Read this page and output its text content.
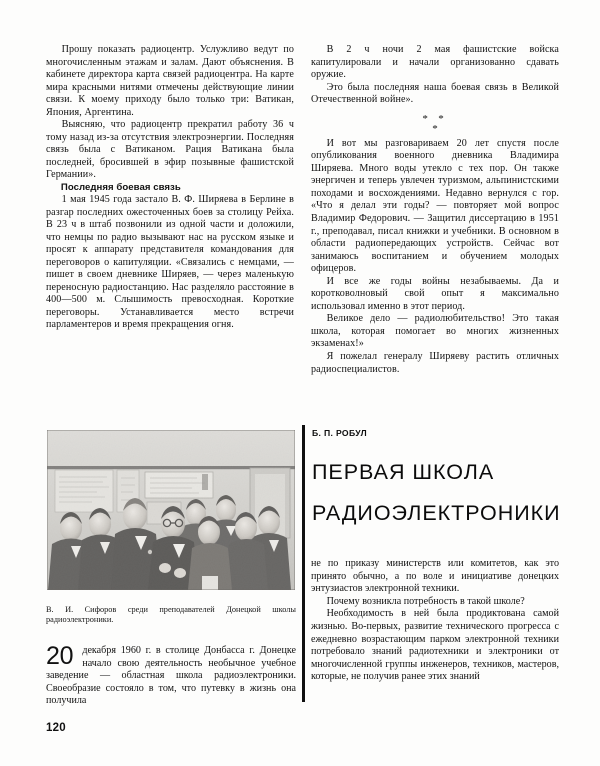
Прошу показать радиоцентр. Услужливо ведут по многочисленным этажам и залам. Дают объяснения. В кабинете директора карта связей радиоцентра. На карте мира красными нитями отмечены действующие линии связи. К моему приходу было только три: Ватикан, Япония, Аргентина.

Выясняю, что радиоцентр прекратил работу 36 ч тому назад из-за отсутствия электроэнергии. Последняя связь была с Ватиканом. Рация Ватикана была последней, бросившей в эфир позывные фашистской Германии».

Последняя боевая связь

1 мая 1945 года застало В. Ф. Ширяева в Берлине в разгар последних ожесточенных боев за столицу Рейха. В 23 ч в штаб позвонили из одной части и доложили, что немцы по радио вызывают нас на русском языке и просят к аппарату представителя командования для переговоров о капитуляции. «Связались с немцами, — пишет в своем дневнике Ширяев, — через маленькую переносную радиостанцию. Нас разделяло расстояние в 400—500 м. Слышимость превосходная. Короткие переговоры. Устанавливается место встречи парламентеров и время прекращения огня.

В 2 ч ночи 2 мая фашистские войска капитулировали и начали организованно сдавать оружие.

Это была последняя наша боевая связь в Великой Отечественной войне».

* *
*

И вот мы разговариваем 20 лет спустя после опубликования военного дневника Владимира Ширяева. Много воды утекло с тех пор. Он также энергичен и теперь увлечен туризмом, альпинистскими походами и восхождениями. Недавно вернулся с гор. «Что я делал эти годы? — повторяет мой вопрос Владимир Федорович. — Защитил диссертацию в 1951 г., преподавал, писал книжки и учебники. В основном в области радиопередающих устройств. Сейчас вот занимаюсь воспитанием и обучением молодых офицеров.

И все же годы войны незабываемы. Да и коротковолновый свой опыт я максимально использовал именно в этот период.

Великое дело — радиолюбительство! Это такая школа, которая помогает во многих жизненных экзаменах!»

Я пожелал генералу Ширяеву растить отличных радиоспециалистов.

В. И. Сифоров среди преподавателей Донецкой школы радиоэлектроники.
20 декабря 1960 г. в столице Донбасса г. Донецке начало свою деятельность необычное учебное заведение — областная школа радиоэлектроники. Своеобразие состояло в том, что путевку в жизнь она получила

120
Б. П. РОБУЛ
ПЕРВАЯ ШКОЛА
РАДИОЭЛЕКТРОНИКИ

не по приказу министерств или комитетов, как это принято обычно, а по воле и инициативе донецких энтузиастов электронной техники.

Почему возникла потребность в такой школе?

Необходимость в ней была продиктована самой жизнью. Во-первых, развитие технического прогресса с ежедневно возрастающим парком электронной техники потребовало знаний радиотехники и электроники от многочисленной группы инженеров, техников, мастеров, которые, не получив ранее этих знаний
